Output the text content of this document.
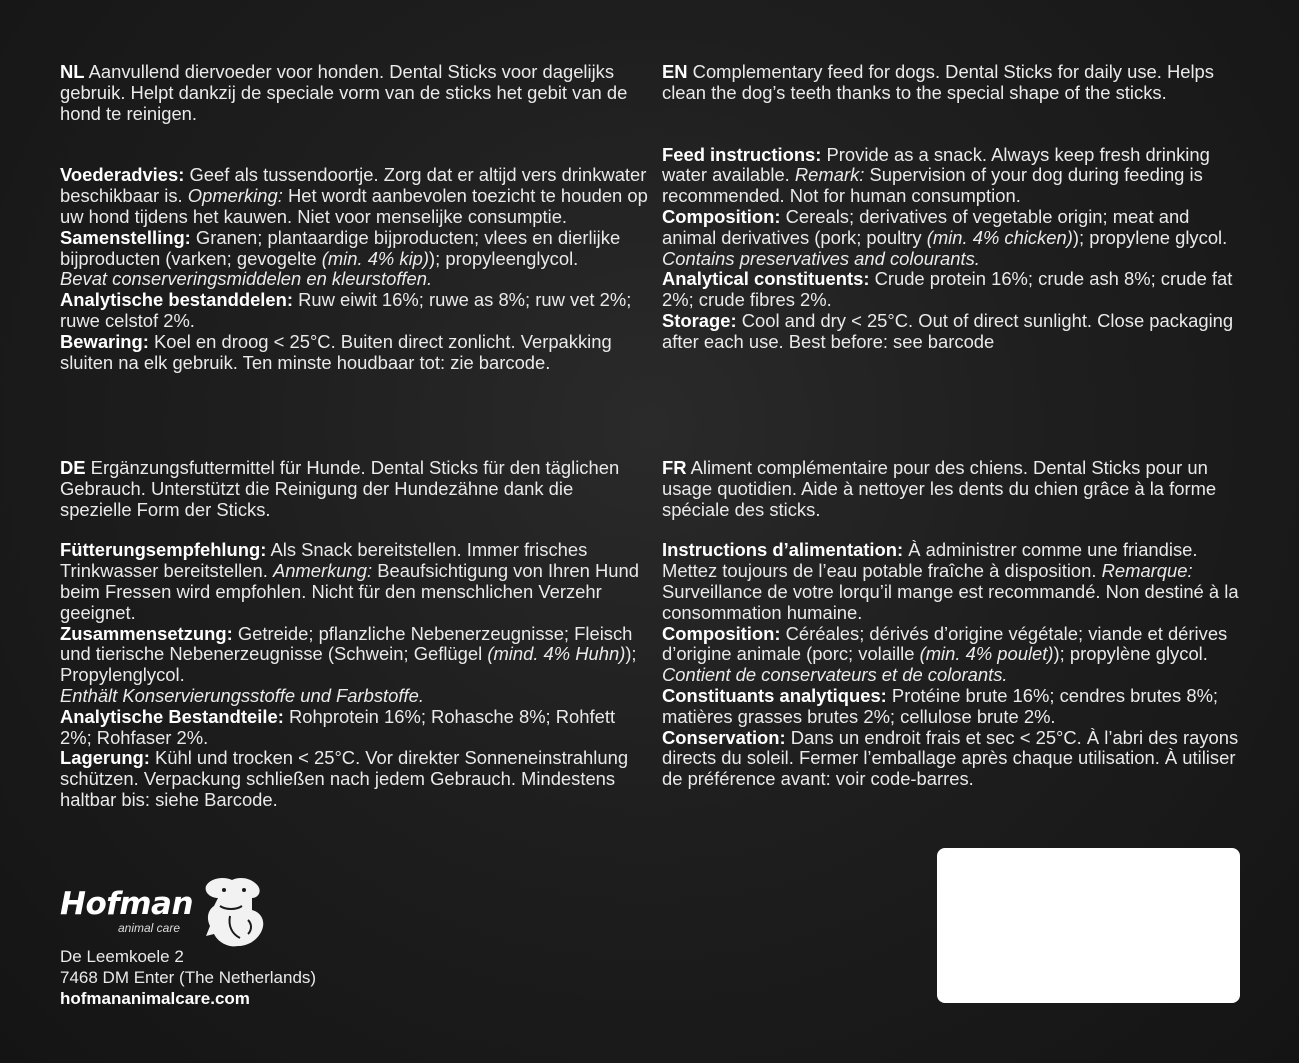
NL Aanvullend diervoeder voor honden. Dental Sticks voor dagelijks gebruik. Helpt dankzij de speciale vorm van de sticks het gebit van de hond te reinigen.

Voederadvies: Geef als tussendoortje. Zorg dat er altijd vers drinkwater beschikbaar is. Opmerking: Het wordt aanbevolen toezicht te houden op uw hond tijdens het kauwen. Niet voor menselijke consumptie.

Samenstelling: Granen; plantaardige bijproducten; vlees en dierlijke bijproducten (varken; gevogelte (min. 4% kip)); propyleenglycol.

Bevat conserveringsmiddelen en kleurstoffen.

Analytische bestanddelen: Ruw eiwit 16%; ruwe as 8%; ruw vet 2%; ruwe celstof 2%.

Bewaring: Koel en droog < 25°C. Buiten direct zonlicht. Verpakking sluiten na elk gebruik. Ten minste houdbaar tot: zie barcode.

EN Complementary feed for dogs. Dental Sticks for daily use. Helps clean the dog’s teeth thanks to the special shape of the sticks.

Feed instructions: Provide as a snack. Always keep fresh drinking water available. Remark: Supervision of your dog during feeding is recommended. Not for human consumption.

Composition: Cereals; derivatives of vegetable origin; meat and animal derivatives (pork; poultry (min. 4% chicken)); propylene glycol.

Contains preservatives and colourants.

Analytical constituents: Crude protein 16%; crude ash 8%; crude fat 2%; crude fibres 2%.

Storage: Cool and dry < 25°C. Out of direct sunlight. Close packaging after each use. Best before: see barcode

DE Ergänzungsfuttermittel für Hunde. Dental Sticks für den täglichen Gebrauch. Unterstützt die Reinigung der Hundezähne dank die spezielle Form der Sticks.

Fütterungsempfehlung: Als Snack bereitstellen. Immer frisches Trinkwasser bereitstellen. Anmerkung: Beaufsichtigung von Ihren Hund beim Fressen wird empfohlen. Nicht für den menschlichen Verzehr geeignet.

Zusammensetzung: Getreide; pflanzliche Nebenerzeugnisse; Fleisch und tierische Nebenerzeugnisse (Schwein; Geflügel (mind. 4% Huhn)); Propylenglycol.

Enthält Konservierungsstoffe und Farbstoffe.

Analytische Bestandteile: Rohprotein 16%; Rohasche 8%; Rohfett 2%; Rohfaser 2%.

Lagerung: Kühl und trocken < 25°C. Vor direkter Sonneneinstrahlung schützen. Verpackung schließen nach jedem Gebrauch. Mindestens haltbar bis: siehe Barcode.

FR Aliment complémentaire pour des chiens. Dental Sticks pour un usage quotidien. Aide à nettoyer les dents du chien grâce à la forme spéciale des sticks.

Instructions d’alimentation: À administrer comme une friandise. Mettez toujours de l’eau potable fraîche à disposition. Remarque: Surveillance de votre lorqu’il mange est recommandé. Non destiné à la consommation humaine.

Composition: Céréales; dérivés d’origine végétale; viande et dérives d’origine animale (porc; volaille (min. 4% poulet)); propylène glycol.

Contient de conservateurs et de colorants.

Constituants analytiques: Protéine brute 16%; cendres brutes 8%; matières grasses brutes 2%; cellulose brute 2%.

Conservation: Dans un endroit frais et sec < 25°C. À l’abri des rayons directs du soleil. Fermer l’emballage après chaque utilisation. À utiliser de préférence avant: voir code-barres.

Hofman
animal care
De Leemkoele 2
7468 DM Enter (The Netherlands)
hofmananimalcare.com
